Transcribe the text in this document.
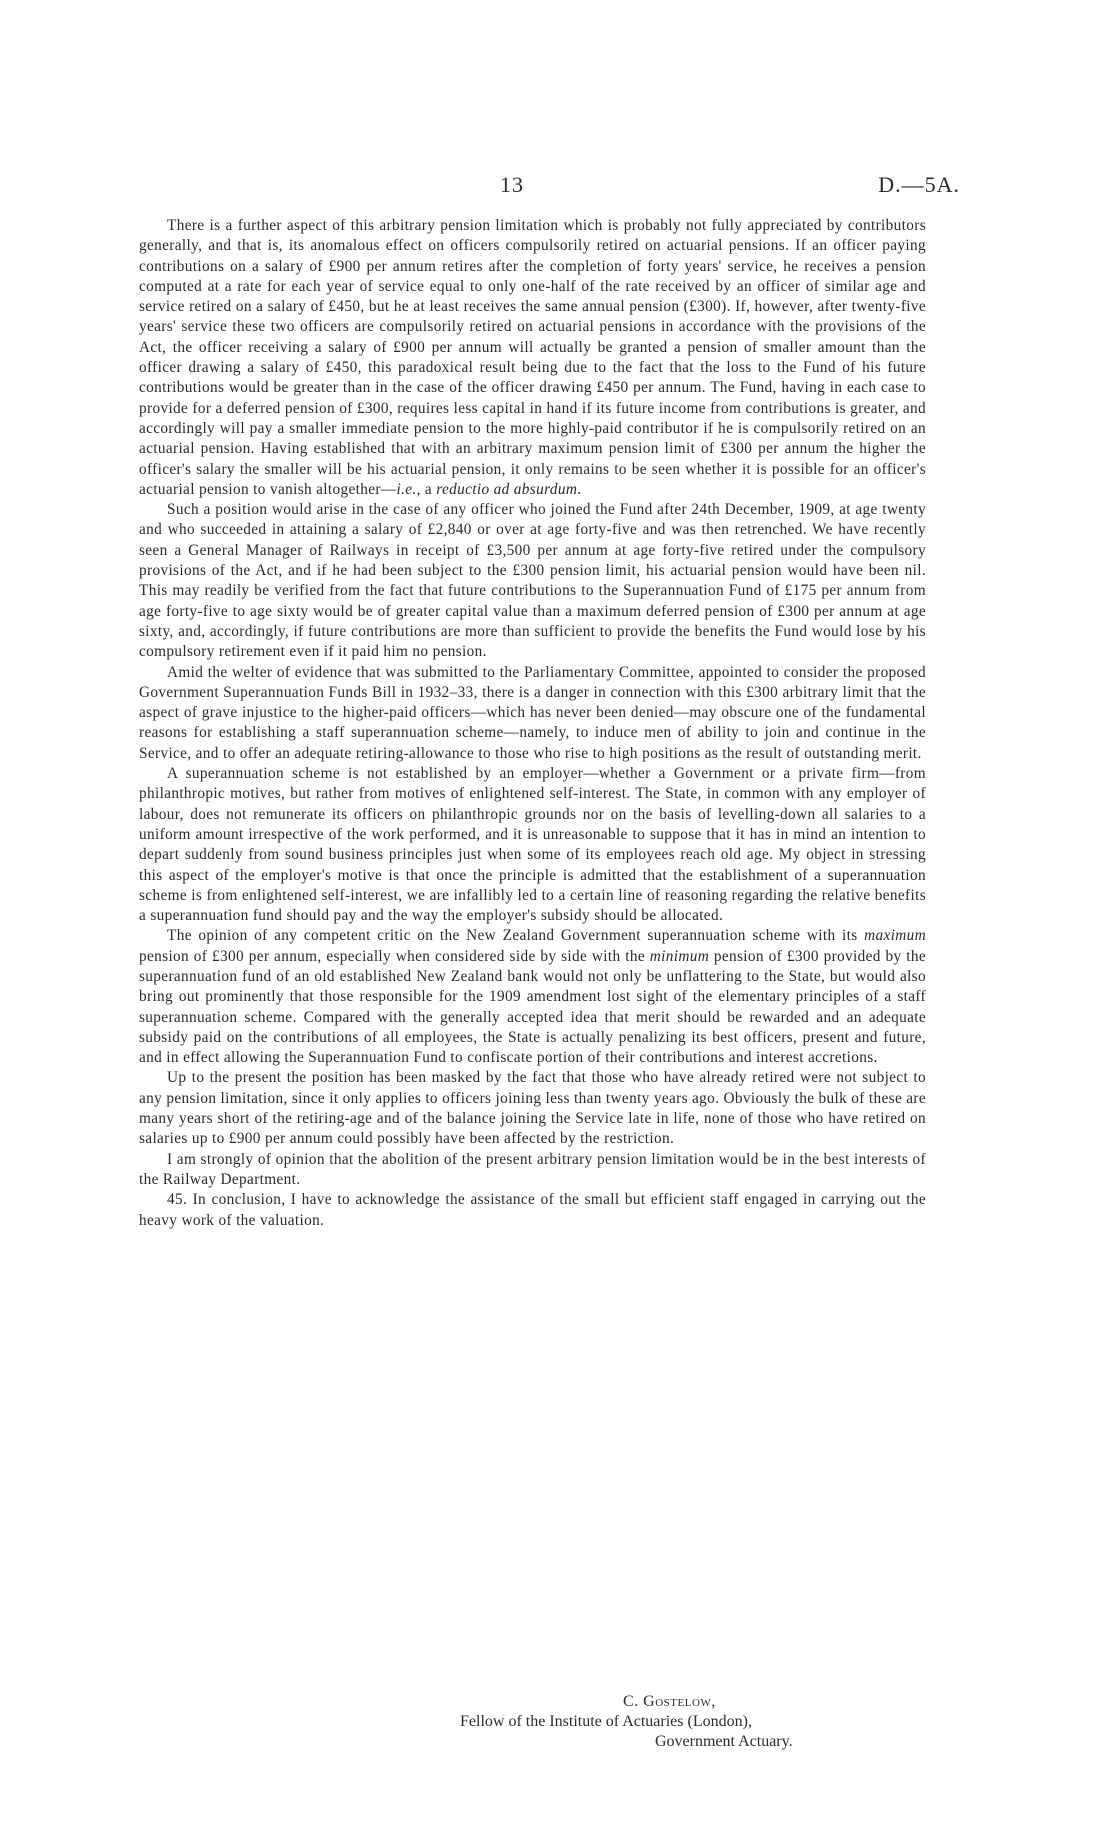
13	D.—5A.

There is a further aspect of this arbitrary pension limitation which is probably not fully appreciated by contributors generally, and that is, its anomalous effect on officers compulsorily retired on actuarial pensions. If an officer paying contributions on a salary of £900 per annum retires after the completion of forty years' service, he receives a pension computed at a rate for each year of service equal to only one-half of the rate received by an officer of similar age and service retired on a salary of £450, but he at least receives the same annual pension (£300). If, however, after twenty-five years' service these two officers are compulsorily retired on actuarial pensions in accordance with the provisions of the Act, the officer receiving a salary of £900 per annum will actually be granted a pension of smaller amount than the officer drawing a salary of £450, this paradoxical result being due to the fact that the loss to the Fund of his future contributions would be greater than in the case of the officer drawing £450 per annum. The Fund, having in each case to provide for a deferred pension of £300, requires less capital in hand if its future income from contributions is greater, and accordingly will pay a smaller immediate pension to the more highly-paid contributor if he is compulsorily retired on an actuarial pension. Having established that with an arbitrary maximum pension limit of £300 per annum the higher the officer's salary the smaller will be his actuarial pension, it only remains to be seen whether it is possible for an officer's actuarial pension to vanish altogether—i.e., a reductio ad absurdum.

Such a position would arise in the case of any officer who joined the Fund after 24th December, 1909, at age twenty and who succeeded in attaining a salary of £2,840 or over at age forty-five and was then retrenched. We have recently seen a General Manager of Railways in receipt of £3,500 per annum at age forty-five retired under the compulsory provisions of the Act, and if he had been subject to the £300 pension limit, his actuarial pension would have been nil. This may readily be verified from the fact that future contributions to the Superannuation Fund of £175 per annum from age forty-five to age sixty would be of greater capital value than a maximum deferred pension of £300 per annum at age sixty, and, accordingly, if future contributions are more than sufficient to provide the benefits the Fund would lose by his compulsory retirement even if it paid him no pension.

Amid the welter of evidence that was submitted to the Parliamentary Committee, appointed to consider the proposed Government Superannuation Funds Bill in 1932–33, there is a danger in connection with this £300 arbitrary limit that the aspect of grave injustice to the higher-paid officers—which has never been denied—may obscure one of the fundamental reasons for establishing a staff superannuation scheme—namely, to induce men of ability to join and continue in the Service, and to offer an adequate retiring-allowance to those who rise to high positions as the result of outstanding merit.

A superannuation scheme is not established by an employer—whether a Government or a private firm—from philanthropic motives, but rather from motives of enlightened self-interest. The State, in common with any employer of labour, does not remunerate its officers on philanthropic grounds nor on the basis of levelling-down all salaries to a uniform amount irrespective of the work performed, and it is unreasonable to suppose that it has in mind an intention to depart suddenly from sound business principles just when some of its employees reach old age. My object in stressing this aspect of the employer's motive is that once the principle is admitted that the establishment of a superannuation scheme is from enlightened self-interest, we are infallibly led to a certain line of reasoning regarding the relative benefits a superannuation fund should pay and the way the employer's subsidy should be allocated.

The opinion of any competent critic on the New Zealand Government superannuation scheme with its maximum pension of £300 per annum, especially when considered side by side with the minimum pension of £300 provided by the superannuation fund of an old established New Zealand bank would not only be unflattering to the State, but would also bring out prominently that those responsible for the 1909 amendment lost sight of the elementary principles of a staff superannuation scheme. Compared with the generally accepted idea that merit should be rewarded and an adequate subsidy paid on the contributions of all employees, the State is actually penalizing its best officers, present and future, and in effect allowing the Superannuation Fund to confiscate portion of their contributions and interest accretions.

Up to the present the position has been masked by the fact that those who have already retired were not subject to any pension limitation, since it only applies to officers joining less than twenty years ago. Obviously the bulk of these are many years short of the retiring-age and of the balance joining the Service late in life, none of those who have retired on salaries up to £900 per annum could possibly have been affected by the restriction.

I am strongly of opinion that the abolition of the present arbitrary pension limitation would be in the best interests of the Railway Department.

45. In conclusion, I have to acknowledge the assistance of the small but efficient staff engaged in carrying out the heavy work of the valuation.

C. Gostelow,
Fellow of the Institute of Actuaries (London),
Government Actuary.
